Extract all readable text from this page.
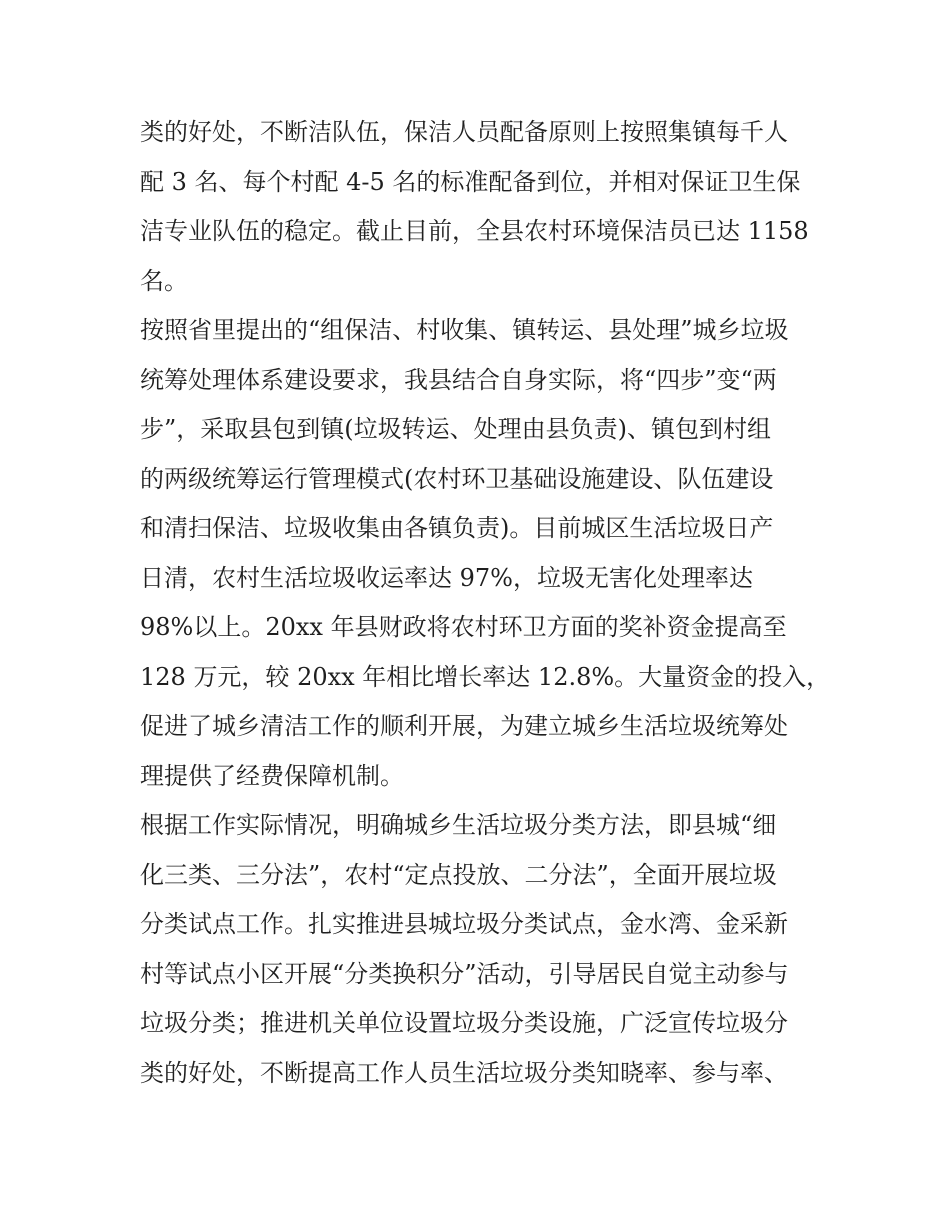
类的好处，不断洁队伍，保洁人员配备原则上按照集镇每千人
配 3 名、每个村配 4-5 名的标准配备到位，并相对保证卫生保
洁专业队伍的稳定。截止目前，全县农村环境保洁员已达 1158
名。
按照省里提出的“组保洁、村收集、镇转运、县处理”城乡垃圾
统筹处理体系建设要求，我县结合自身实际，将“四步”变“两
步”，采取县包到镇(垃圾转运、处理由县负责)、镇包到村组
的两级统筹运行管理模式(农村环卫基础设施建设、队伍建设
和清扫保洁、垃圾收集由各镇负责)。目前城区生活垃圾日产
日清，农村生活垃圾收运率达 97%，垃圾无害化处理率达
98%以上。20xx 年县财政将农村环卫方面的奖补资金提高至
128 万元，较 20xx 年相比增长率达 12.8%。大量资金的投入，
促进了城乡清洁工作的顺利开展，为建立城乡生活垃圾统筹处
理提供了经费保障机制。
根据工作实际情况，明确城乡生活垃圾分类方法，即县城“细
化三类、三分法”，农村“定点投放、二分法”，全面开展垃圾
分类试点工作。扎实推进县城垃圾分类试点，金水湾、金采新
村等试点小区开展“分类换积分”活动，引导居民自觉主动参与
垃圾分类；推进机关单位设置垃圾分类设施，广泛宣传垃圾分
类的好处，不断提高工作人员生活垃圾分类知晓率、参与率、
